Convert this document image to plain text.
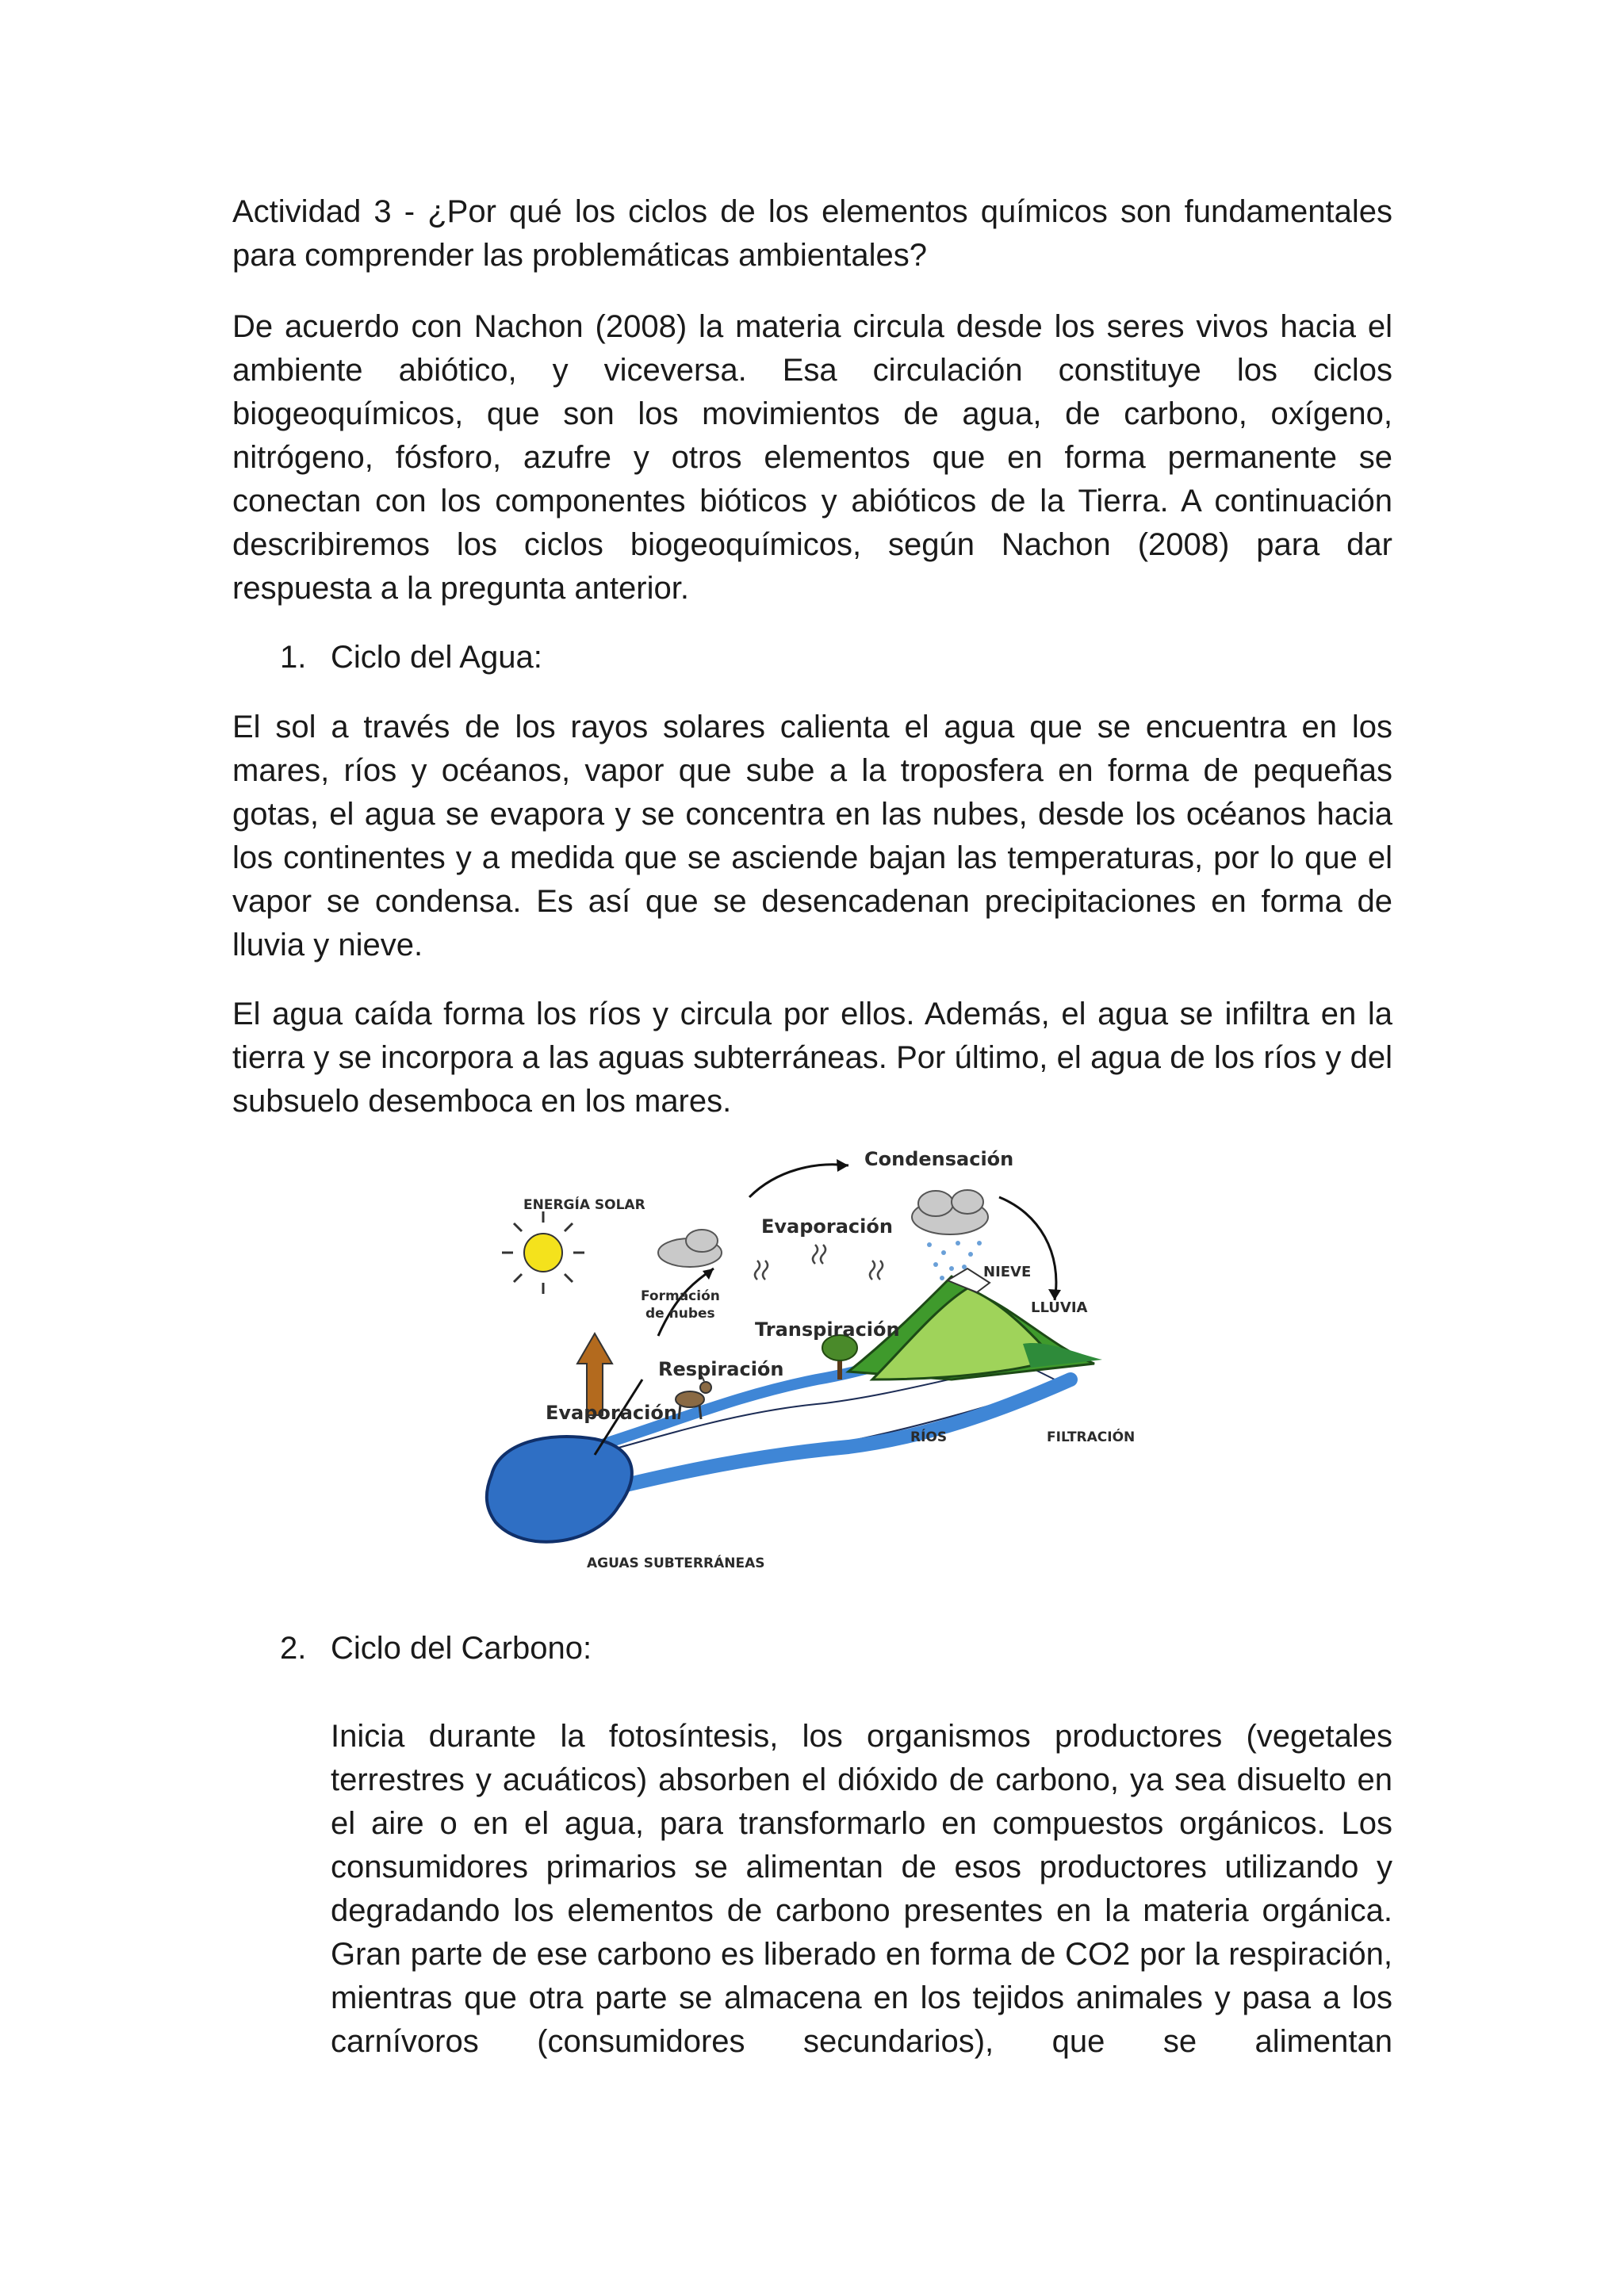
Actividad 3 - ¿Por qué los ciclos de los elementos químicos son fundamentales para comprender las problemáticas ambientales?

De acuerdo con Nachon (2008) la materia circula desde los seres vivos hacia el ambiente abiótico, y viceversa. Esa circulación constituye los ciclos biogeoquímicos, que son los movimientos de agua, de carbono, oxígeno, nitrógeno, fósforo, azufre y otros elementos que en forma permanente se conectan con los componentes bióticos y abióticos de la Tierra. A continuación describiremos los ciclos biogeoquímicos, según Nachon (2008) para dar respuesta a la pregunta anterior.

1. Ciclo del Agua:

El sol a través de los rayos solares calienta el agua que se encuentra en los mares, ríos y océanos, vapor que sube a la troposfera en forma de pequeñas gotas, el agua se evapora y se concentra en las nubes, desde los océanos hacia los continentes y a medida que se asciende bajan las temperaturas, por lo que el vapor se condensa. Es así que se desencadenan precipitaciones en forma de lluvia y nieve.

El agua caída forma los ríos y circula por ellos. Además, el agua se infiltra en la tierra y se incorpora a las aguas subterráneas. Por último, el agua de los ríos y del subsuelo desemboca en los mares.

Condensación
ENERGÍA SOLAR
Evaporación
Formación
de nubes
NIEVE
LLUVIA
Transpiración
Respiración
Evaporación
RÍOS	FILTRACIÓN
AGUAS SUBTERRÁNEAS
2. Ciclo del Carbono:

Inicia durante la fotosíntesis, los organismos productores (vegetales terrestres y acuáticos) absorben el dióxido de carbono, ya sea disuelto en el aire o en el agua, para transformarlo en compuestos orgánicos. Los consumidores primarios se alimentan de esos productores utilizando y degradando los elementos de carbono presentes en la materia orgánica. Gran parte de ese carbono es liberado en forma de CO2 por la respiración, mientras que otra parte se almacena en los tejidos animales y pasa a los carnívoros (consumidores secundarios), que se alimentan
